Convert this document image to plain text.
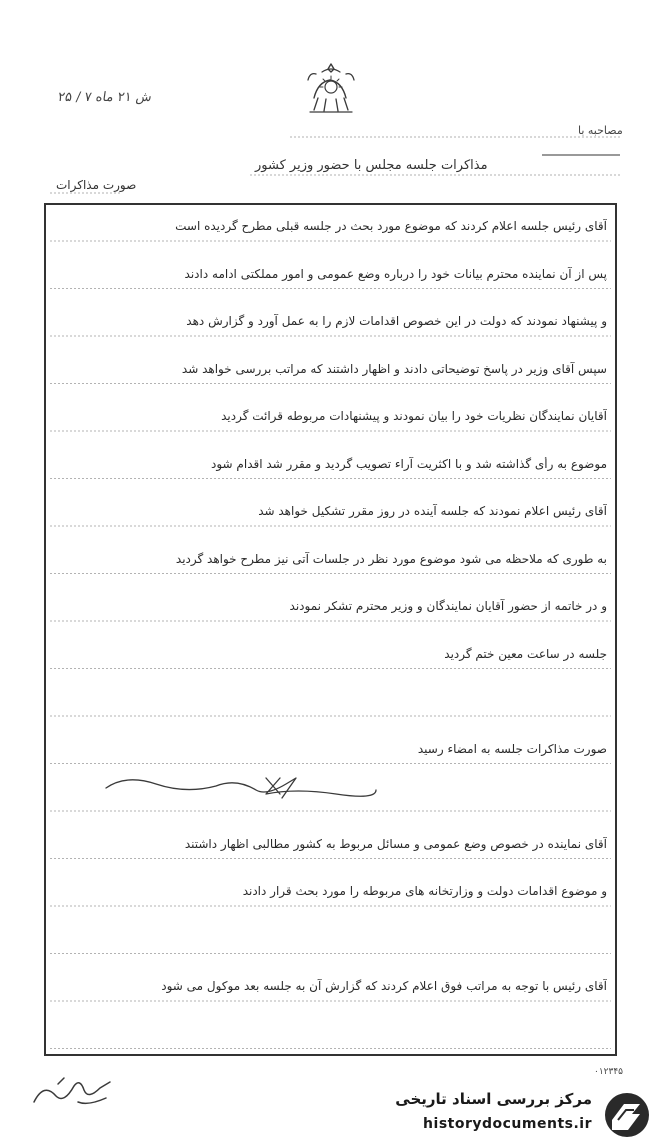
ش ۲۱ ماه ۷ / ۲۵
مصاحبه با
مذاکرات جلسه مجلس با حضور وزیر کشور
صورت مذاکرات
آقای رئیس جلسه اعلام کردند که موضوع مورد بحث در جلسه قبلی مطرح گردیده است
پس از آن نماینده محترم بیانات خود را درباره وضع عمومی و امور مملکتی ادامه دادند
و پیشنهاد نمودند که دولت در این خصوص اقدامات لازم را به عمل آورد و گزارش دهد
سپس آقای وزیر در پاسخ توضیحاتی دادند و اظهار داشتند که مراتب بررسی خواهد شد
آقایان نمایندگان نظریات خود را بیان نمودند و پیشنهادات مربوطه قرائت گردید
موضوع به رأی گذاشته شد و با اکثریت آراء تصویب گردید و مقرر شد اقدام شود
آقای رئیس اعلام نمودند که جلسه آینده در روز مقرر تشکیل خواهد شد
به طوری که ملاحظه می شود موضوع مورد نظر در جلسات آتی نیز مطرح خواهد گردید
و در خاتمه از حضور آقایان نمایندگان و وزیر محترم تشکر نمودند
جلسه در ساعت معین ختم گردید
صورت مذاکرات جلسه به امضاء رسید
آقای نماینده در خصوص وضع عمومی و مسائل مربوط به کشور مطالبی اظهار داشتند
و موضوع اقدامات دولت و وزارتخانه های مربوطه را مورد بحث قرار دادند
آقای رئیس با توجه به مراتب فوق اعلام کردند که گزارش آن به جلسه بعد موکول می شود
۰۱۲۳۴۵
مرکز بررسی اسناد تاریخی
historydocuments.ir
